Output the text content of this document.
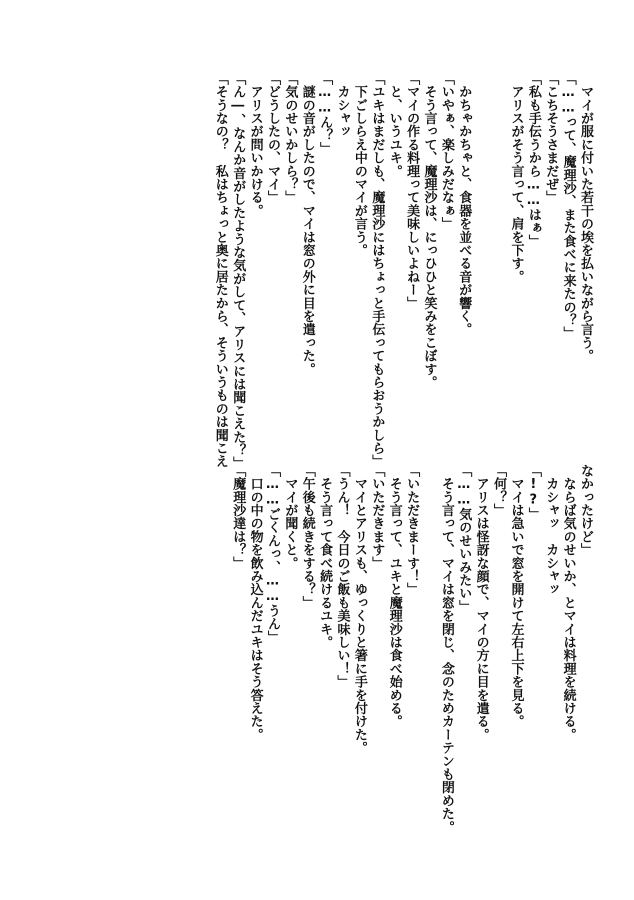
　マイが服に付いた若干の埃を払いながら言う。

「……って、魔理沙、また食べに来たの？」

「こちそうさまだぜ」

「私も手伝うから……はぁ」

　アリスがそう言って、肩を下す。

　かちゃかちゃと、食器を並べる音が響く。

「いやぁ、楽しみだなぁ」

　そう言って、魔理沙は、にっひひと笑みをこぼす。

「マイの作る料理って美味しいよねー」

　と、いうユキ。

「ユキはまだしも、魔理沙にはちょっと手伝ってもらおうかしら」

　下ごしらえ中のマイが言う。

　カシャッ

「……ん？」

　謎の音がしたので、マイは窓の外に目を遣った。

「気のせいかしら？」

「どうしたの、マイ」

　アリスが問いかける。

「ん―、なんか音がしたような気がして、アリスには聞こえた？」

「そうなの？　私はちょっと奥に居たから、そういうものは聞こえ

なかったけど」

　ならば気のせいか、とマイは料理を続ける。

　カシャッ　カシャッ

「!?」

　マイは急いで窓を開けて左右上下を見る。

「何？」

　アリスは怪訝な顔で、マイの方に目を遣る。

「……気のせいみたい」

　そう言って、マイは窓を閉じ、念のためカーテンも閉めた。

「いただきまーす！」

　そう言って、ユキと魔理沙は食べ始める。

「いただきます」

　マイとアリスも、ゆっくりと箸に手を付けた。

「うん！　今日のご飯も美味しい！」

　そう言って食べ続けるユキ。

「午後も続きをする？」

　マイが聞くと。

「……ごくんっ、……うん」

　口の中の物を飲み込んだユキはそう答えた。

「魔理沙達は？」
